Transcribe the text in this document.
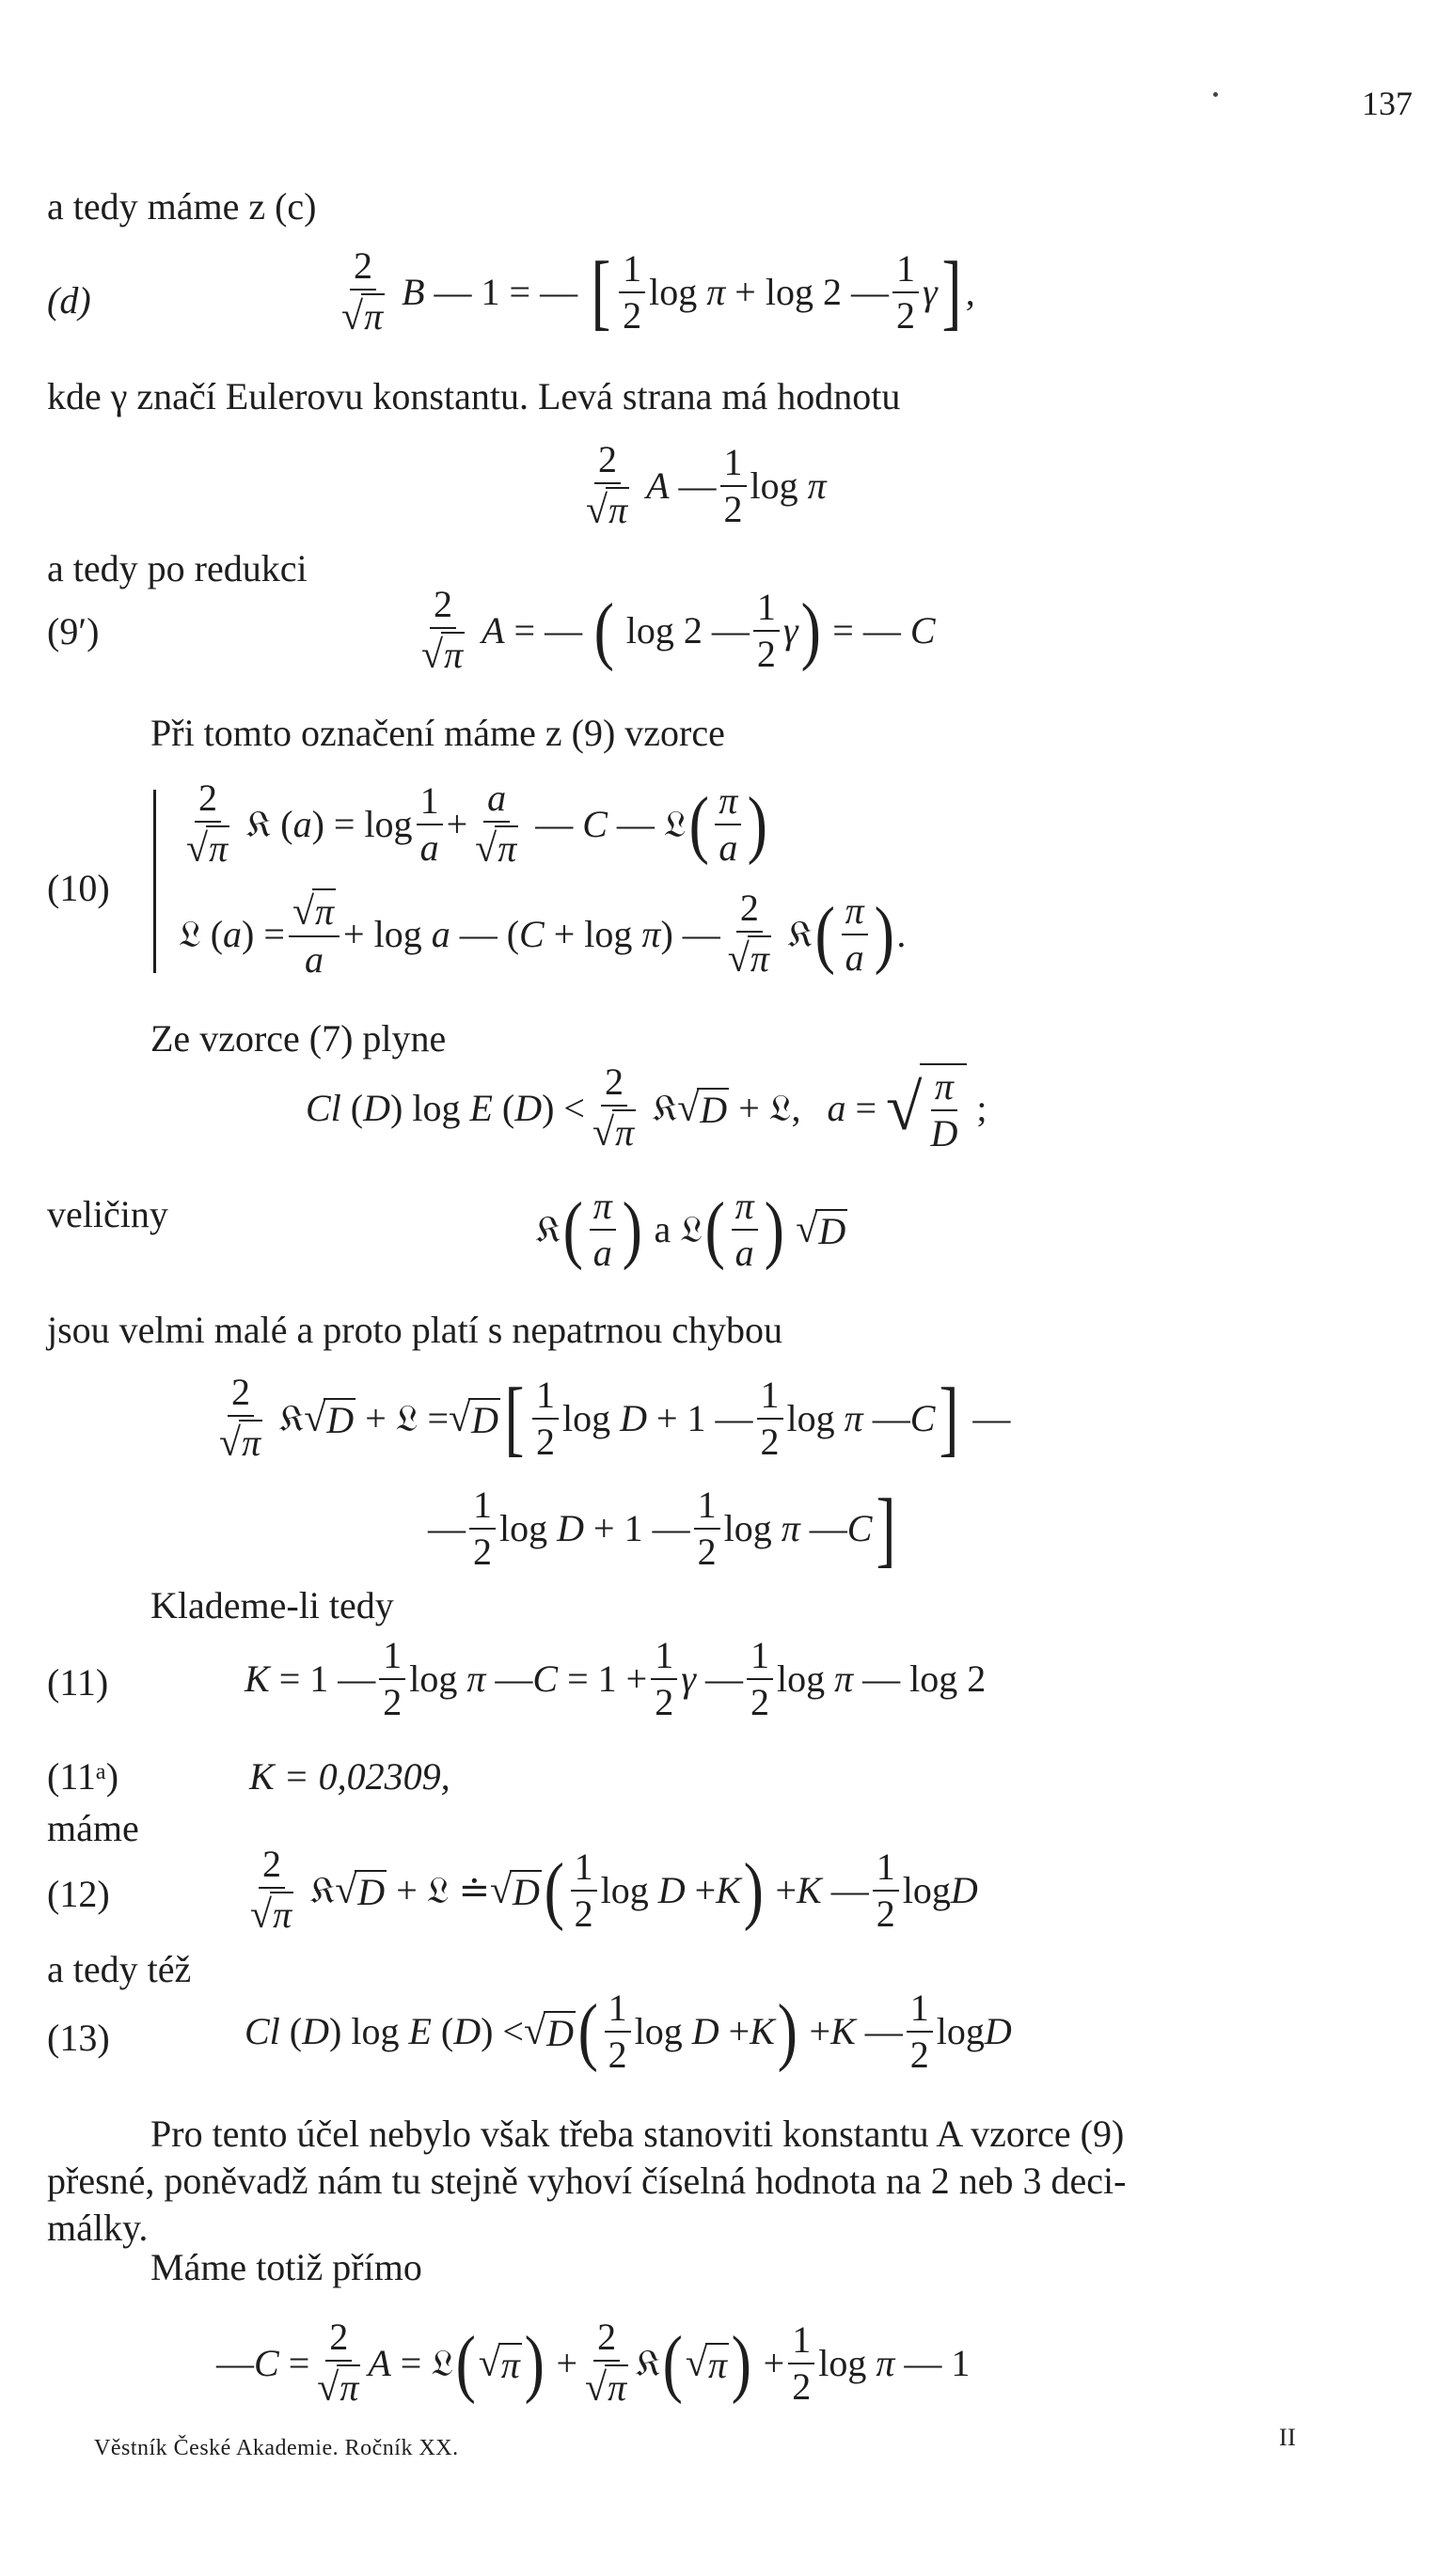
137
a tedy máme z (c)
(d)	$\frac{2}{√\pi}$ B — 1 = — [ $\frac{1}{2}$ log π + log 2 — $\frac{1}{2}$ γ ] ,
kde γ značí Eulerovu konstantu. Levá strana má hodnotu
$\frac{2}{√\pi}$ A — $\frac{1}{2}$ log π
a tedy po redukci
(9′)	$\frac{2}{√\pi}$ A = — ( log 2 — $\frac{1}{2}$ γ ) = — C
Při tomto označení máme z (9) vzorce
(10)
$\frac{2}{√\pi}$ 𝔎 ( a ) = $\log \frac{1}{a} + \frac{a}{√\pi}$ — C — 𝔏 ( $\frac{\pi}{a}$ )
𝔏 ( a ) = $\frac{√\pi}{a} + \log a$ — ( C + log π ) — $\frac{2}{√\pi}$ 𝔎 ( $\frac{\pi}{a}$ ) .
Ze vzorce (7) plyne
Cl ( D ) log E ( D ) < $\frac{2}{√\pi}$ 𝔎 √ D + 𝔏, a = √ $\frac{\pi}{D}$ ;
veličiny	𝔎 ( $\frac{\pi}{a}$ ) a 𝔏 ( $\frac{\pi}{a}$ )
√ D
jsou velmi malé a proto platí s nepatrnou chybou
$\frac{2}{√\pi}$ 𝔎 √ D + 𝔏 = √ D [ $\frac{1}{2}$ log D + 1 — $\frac{1}{2}$ log π — C ] —
— $\frac{1}{2}$ log D + 1 — $\frac{1}{2}$ log π — C ]
Klademe-li tedy
(11)	K = 1 — $\frac{1}{2}$ log π — $C = 1 + \frac{1}{2}$ γ — $\frac{1}{2}$ log π — log 2
(11ᵃ)	K = 0,02309,
máme
(12)	$\frac{2}{√\pi}$ 𝔎 √ D + 𝔏 ≐ √ D ( $\frac{1}{2}$ log D + K ) + K — $\frac{1}{2}$ log D
a tedy též
(13)	Cl ( D ) log E ( D ) < √ D ( $\frac{1}{2}$ log D + K ) + K — $\frac{1}{2}$ log D
Pro tento účel nebylo však třeba stanoviti konstantu A vzorce (9)
přesné, poněvadž nám tu stejně vyhoví číselná hodnota na 2 neb 3 deci-
málky.
Máme totiž přímo
— $C = \frac{2}{√\pi}$ A = 𝔏 ( √ π ) + $\frac{2}{√\pi}$ 𝔎 ( √ π ) + $\frac{1}{2}$ log π — 1
Věstník České Akademie. Ročník XX.	II
